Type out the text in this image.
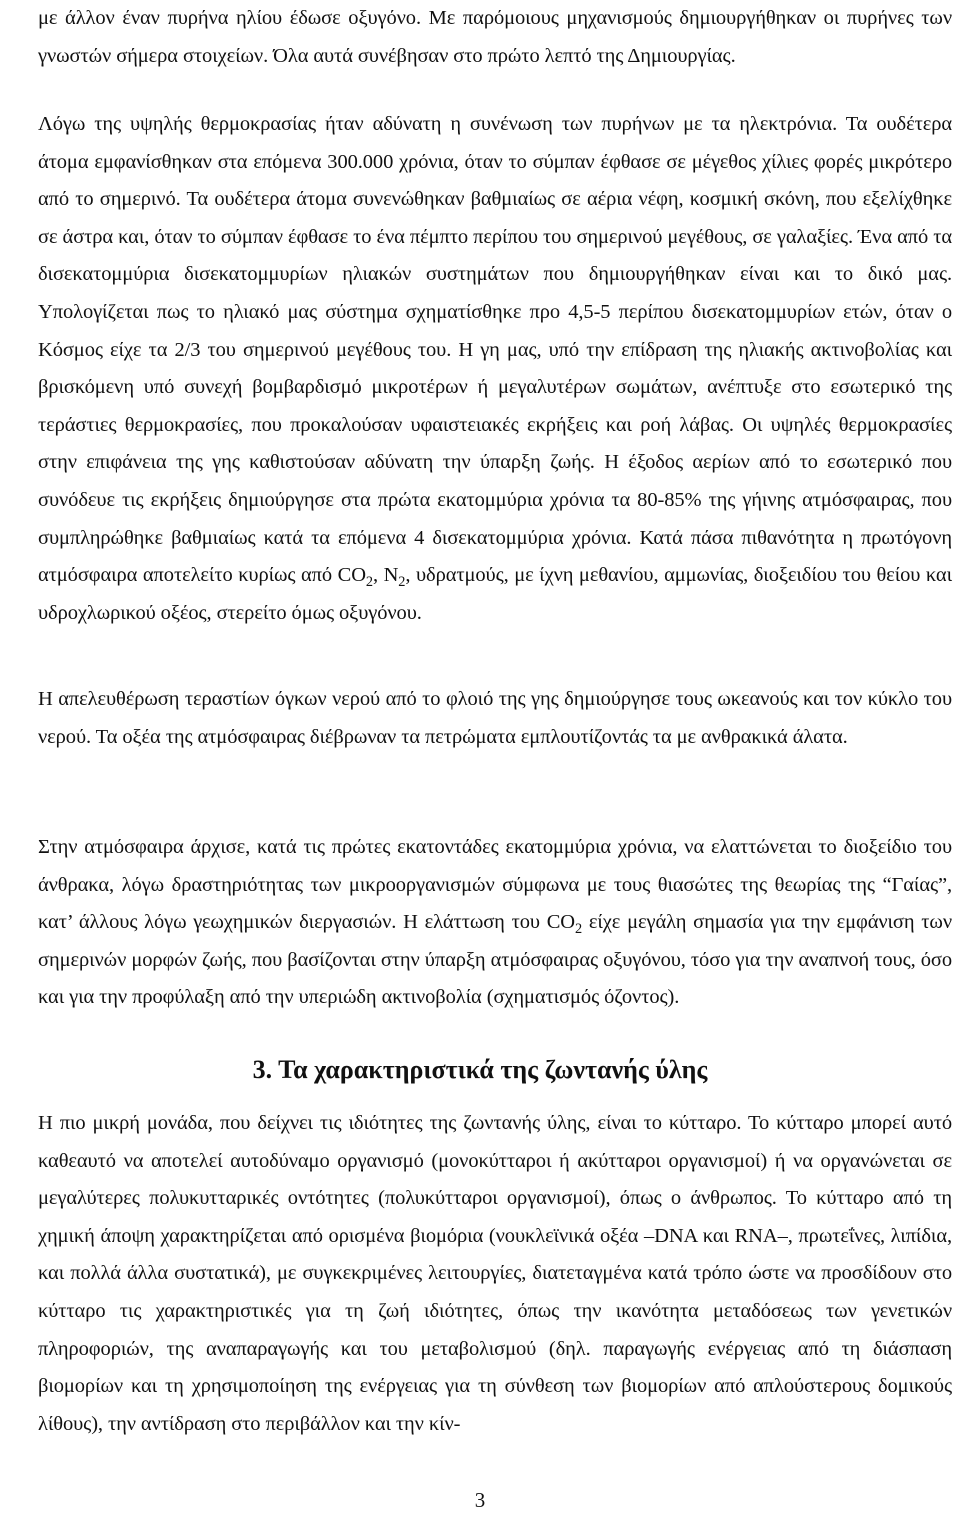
με άλλον έναν πυρήνα ηλίου έδωσε οξυγόνο. Με παρόμοιους μηχανισμούς δημιουργήθηκαν οι πυρήνες των γνωστών σήμερα στοιχείων. Όλα αυτά συνέβησαν στο πρώτο λεπτό της Δημιουργίας.

Λόγω της υψηλής θερμοκρασίας ήταν αδύνατη η συνένωση των πυρήνων με τα ηλεκτρόνια. Τα ουδέτερα άτομα εμφανίσθηκαν στα επόμενα 300.000 χρόνια, όταν το σύμπαν έφθασε σε μέγεθος χίλιες φορές μικρότερο από το σημερινό. Τα ουδέτερα άτομα συνενώθηκαν βαθμιαίως σε αέρια νέφη, κοσμική σκόνη, που εξελίχθηκε σε άστρα και, όταν το σύμπαν έφθασε το ένα πέμπτο περίπου του σημερινού μεγέθους, σε γαλαξίες. Ένα από τα δισεκατομμύρια δισεκατομμυρίων ηλιακών συστημάτων που δημιουργήθηκαν είναι και το δικό μας. Υπολογίζεται πως το ηλιακό μας σύστημα σχηματίσθηκε προ 4,5-5 περίπου δισεκατομμυρίων ετών, όταν ο Κόσμος είχε τα 2/3 του σημερινού μεγέθους του. Η γη μας, υπό την επίδραση της ηλιακής ακτινοβολίας και βρισκόμενη υπό συνεχή βομβαρδισμό μικροτέρων ή μεγαλυτέρων σωμάτων, ανέπτυξε στο εσωτερικό της τεράστιες θερμοκρασίες, που προκαλούσαν υφαιστειακές εκρήξεις και ροή λάβας. Οι υψηλές θερμοκρασίες στην επιφάνεια της γης καθιστούσαν αδύνατη την ύπαρξη ζωής. Η έξοδος αερίων από το εσωτερικό που συνόδευε τις εκρήξεις δημιούργησε στα πρώτα εκατομμύρια χρόνια τα 80-85% της γήινης ατμόσφαιρας, που συμπληρώθηκε βαθμιαίως κατά τα επόμενα 4 δισεκατομμύρια χρόνια. Κατά πάσα πιθανότητα η πρωτόγονη ατμόσφαιρα αποτελείτο κυρίως από $CO_2$, $N_2$, υδρατμούς, με ίχνη μεθανίου, αμμωνίας, διοξειδίου του θείου και υδροχλωρικού οξέος, στερείτο όμως οξυγόνου.

Η απελευθέρωση τεραστίων όγκων νερού από το φλοιό της γης δημιούργησε τους ωκεανούς και τον κύκλο του νερού. Τα οξέα της ατμόσφαιρας διέβρωναν τα πετρώματα εμπλουτίζοντάς τα με ανθρακικά άλατα.

Στην ατμόσφαιρα άρχισε, κατά τις πρώτες εκατοντάδες εκατομμύρια χρόνια, να ελαττώνεται το διοξείδιο του άνθρακα, λόγω δραστηριότητας των μικροοργανισμών σύμφωνα με τους θιασώτες της θεωρίας της “Γαίας”, κατ’ άλλους λόγω γεωχημικών διεργασιών. Η ελάττωση του $CO_2$ είχε μεγάλη σημασία για την εμφάνιση των σημερινών μορφών ζωής, που βασίζονται στην ύπαρξη ατμόσφαιρας οξυγόνου, τόσο για την αναπνοή τους, όσο και για την προφύλαξη από την υπεριώδη ακτινοβολία (σχηματισμός όζοντος).

3. Τα χαρακτηριστικά της ζωντανής ύλης

Η πιο μικρή μονάδα, που δείχνει τις ιδιότητες της ζωντανής ύλης, είναι το κύτταρο. Το κύτταρο μπορεί αυτό καθεαυτό να αποτελεί αυτοδύναμο οργανισμό (μονοκύτταροι ή ακύτταροι οργανισμοί) ή να οργανώνεται σε μεγαλύτερες πολυκυτταρικές οντότητες (πολυκύτταροι οργανισμοί), όπως ο άνθρωπος. Το κύτταρο από τη χημική άποψη χαρακτηρίζεται από ορισμένα βιομόρια (νουκλεϊνικά οξέα –DNA και RNA–, πρωτεΐνες, λιπίδια, και πολλά άλλα συστατικά), με συγκεκριμένες λειτουργίες, διατεταγμένα κατά τρόπο ώστε να προσδίδουν στο κύτταρο τις χαρακτηριστικές για τη ζωή ιδιότητες, όπως την ικανότητα μεταδόσεως των γενετικών πληροφοριών, της αναπαραγωγής και του μεταβολισμού (δηλ. παραγωγής ενέργειας από τη διάσπαση βιομορίων και τη χρησιμοποίηση της ενέργειας για τη σύνθεση των βιομορίων από απλούστερους δομικούς λίθους), την αντίδραση στο περιβάλλον και την κίν-

3
